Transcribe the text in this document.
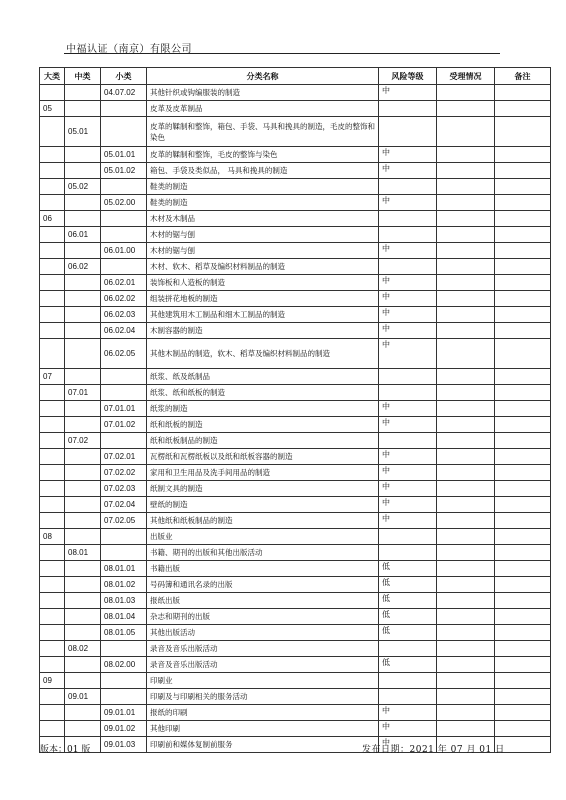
中福认证（南京）有限公司
大类	中类	小类	分类名称	风险等级	受理情况	备注
		04.07.02	其他针织或钩编服装的制造	中		
05			皮革及皮革制品			
	05.01		皮革的鞣制和整饰，箱包、手袋、马具和挽具的制造，毛皮的整饰和染色			
		05.01.01	皮革的鞣制和整饰，毛皮的整饰与染色	中		
		05.01.02	箱包、手袋及类似品， 马具和挽具的制造	中		
	05.02		鞋类的制造			
		05.02.00	鞋类的制造	中		
06			木材及木制品			
	06.01		木材的锯与刨			
		06.01.00	木材的锯与刨	中		
	06.02		木材、软木、稻草及编织材料制品的制造			
		06.02.01	装饰板和人造板的制造	中		
		06.02.02	组装拼花地板的制造	中		
		06.02.03	其他建筑用木工制品和细木工制品的制造	中		
		06.02.04	木制容器的制造	中		
		06.02.05	其他木制品的制造，软木、稻草及编织材料制品的制造	中		
07			纸浆、纸及纸制品			
	07.01		纸浆、纸和纸板的制造			
		07.01.01	纸浆的制造	中		
		07.01.02	纸和纸板的制造	中		
	07.02		纸和纸板制品的制造			
		07.02.01	瓦楞纸和瓦楞纸板以及纸和纸板容器的制造	中		
		07.02.02	家用和卫生用品及洗手间用品的制造	中		
		07.02.03	纸制文具的制造	中		
		07.02.04	壁纸的制造	中		
		07.02.05	其他纸和纸板制品的制造	中		
08			出版业			
	08.01		书籍、期刊的出版和其他出版活动			
		08.01.01	书籍出版	低		
		08.01.02	号码簿和通讯名录的出版	低		
		08.01.03	报纸出版	低		
		08.01.04	杂志和期刊的出版	低		
		08.01.05	其他出版活动	低		
	08.02		录音及音乐出版活动			
		08.02.00	录音及音乐出版活动	低		
09			印刷业			
	09.01		印刷及与印刷相关的服务活动			
		09.01.01	报纸的印刷	中		
		09.01.02	其他印刷	中		
		09.01.03	印刷前和媒体复制前服务	中		
版本：01 版	发布日期：2021 年 07 月 01 日
